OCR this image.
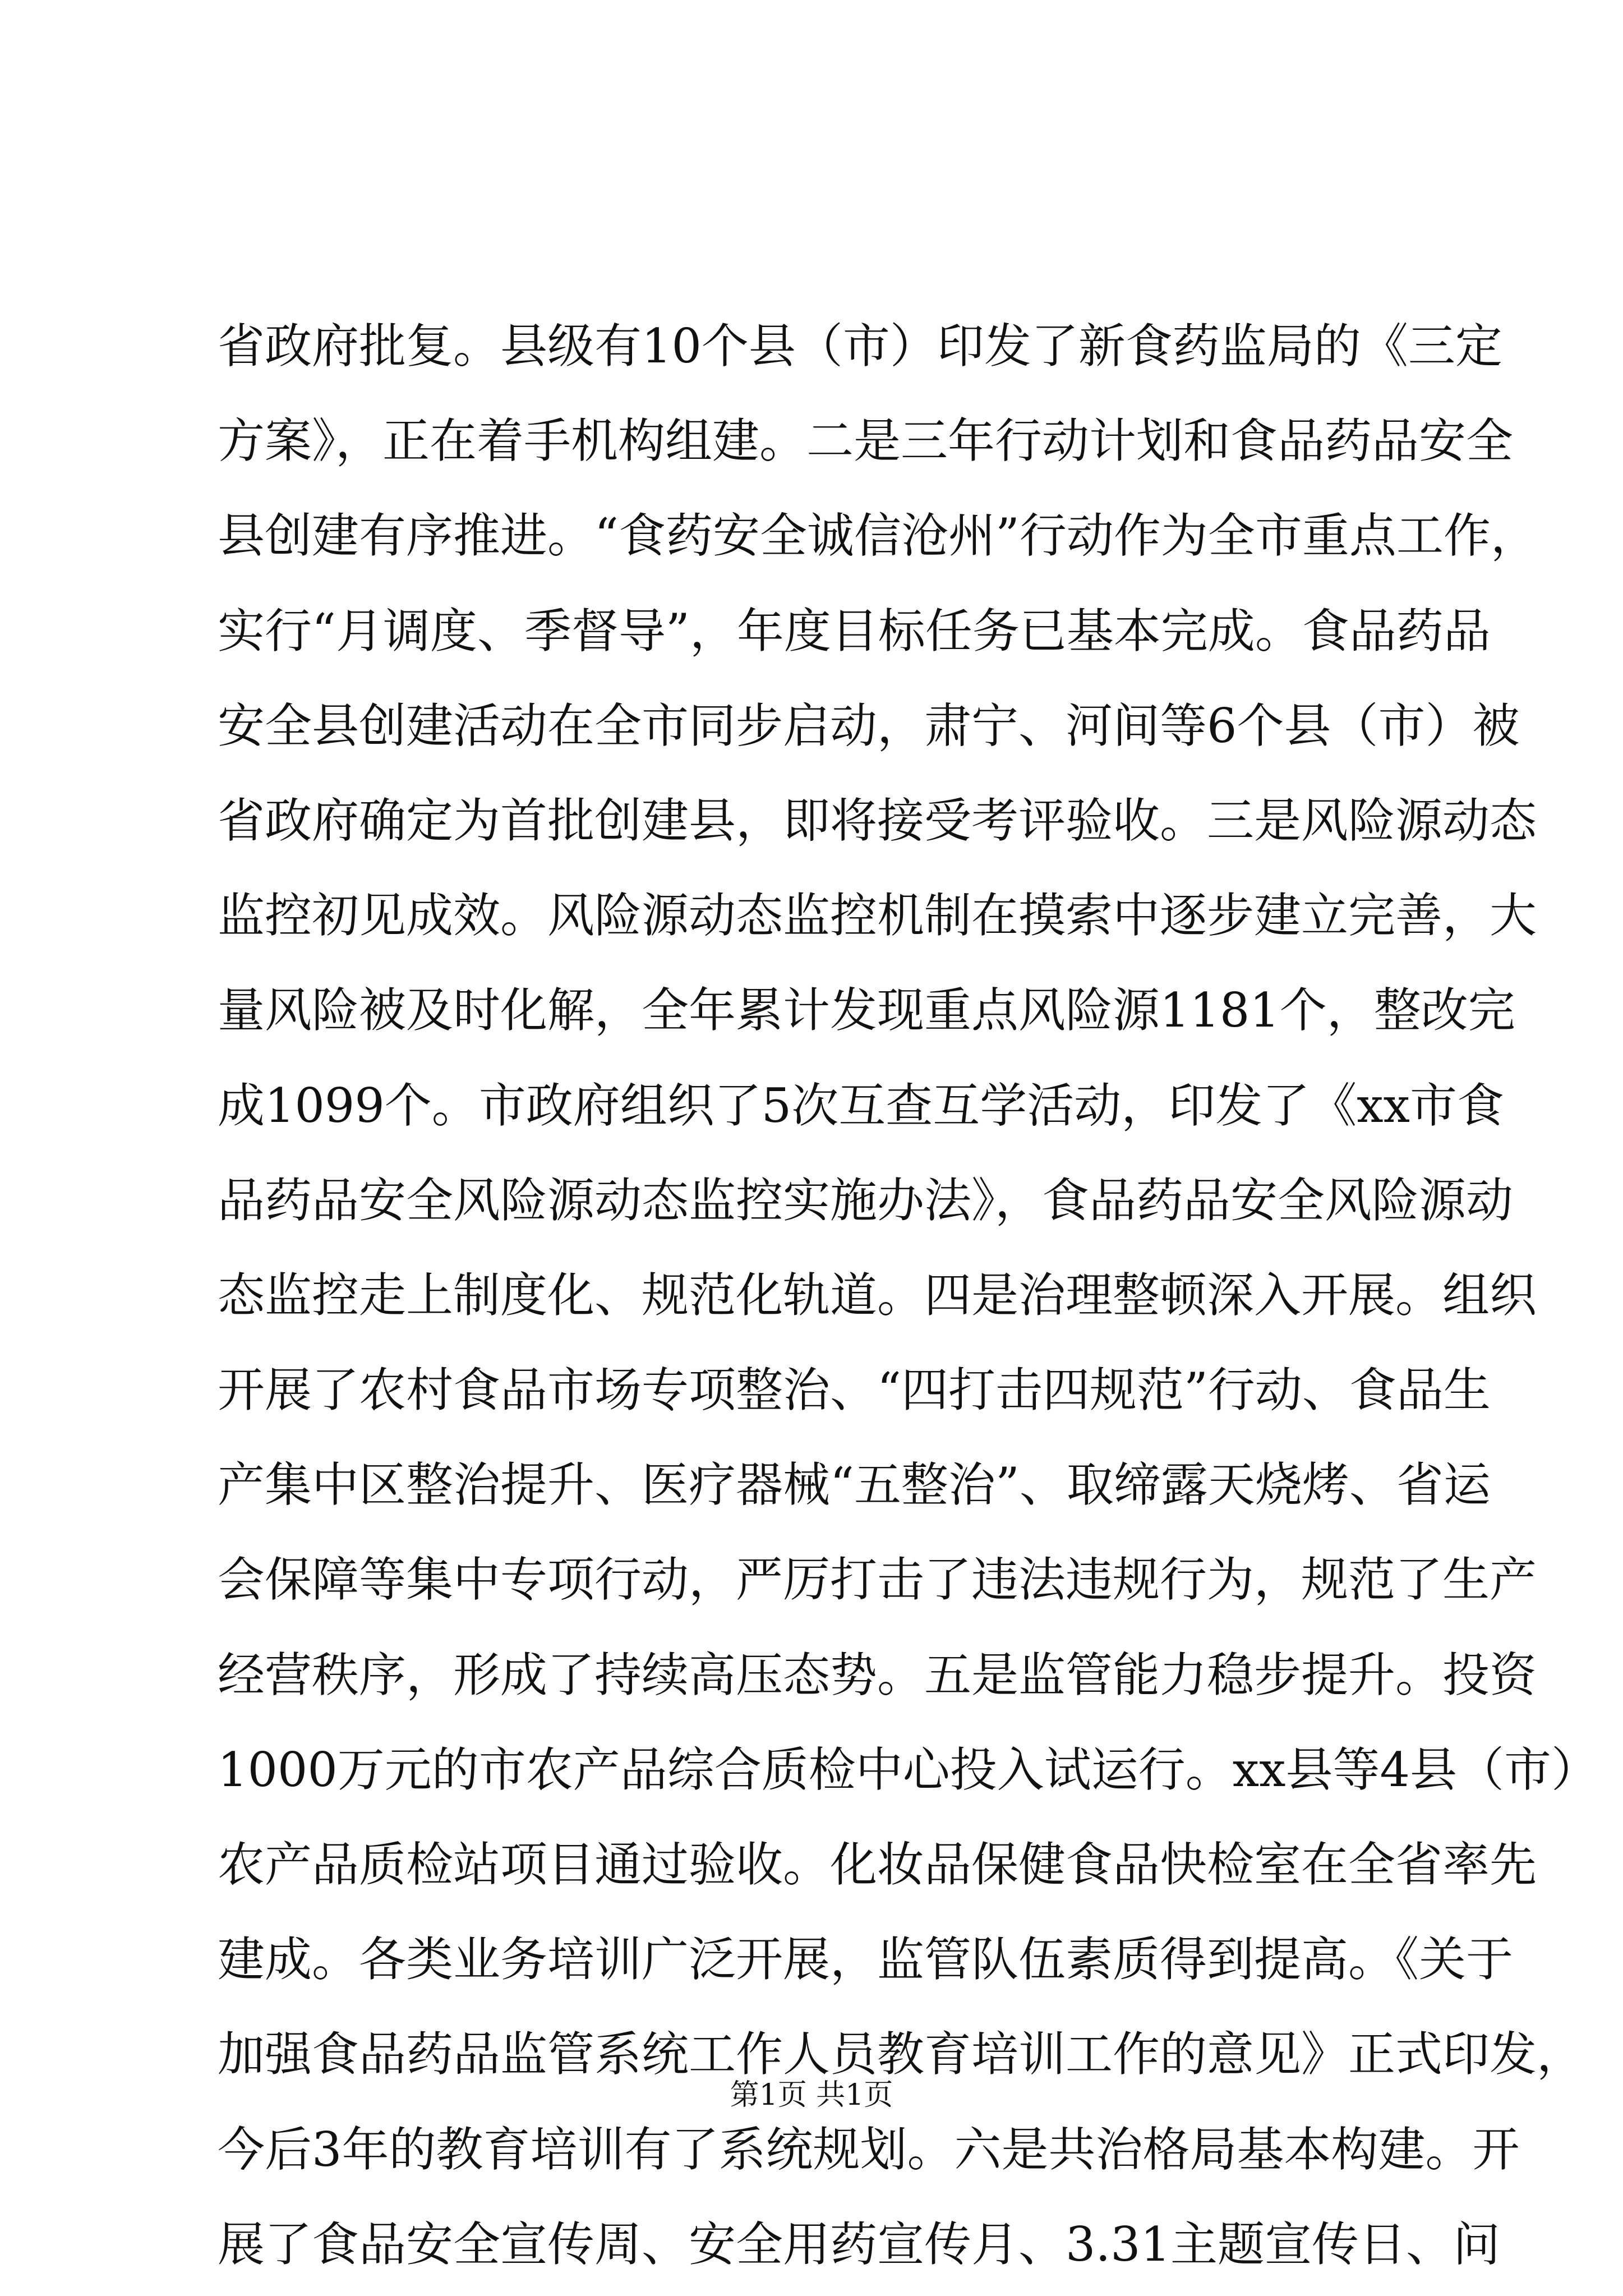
省政府批复。县级有10个县（市）印发了新食药监局的《三定
方案》，正在着手机构组建。二是三年行动计划和食品药品安全
县创建有序推进。“食药安全诚信沧州”行动作为全市重点工作，
实行“月调度、季督导”，年度目标任务已基本完成。食品药品
安全县创建活动在全市同步启动，肃宁、河间等6个县（市）被
省政府确定为首批创建县，即将接受考评验收。三是风险源动态
监控初见成效。风险源动态监控机制在摸索中逐步建立完善，大
量风险被及时化解，全年累计发现重点风险源1181个，整改完
成1099个。市政府组织了5次互查互学活动，印发了《xx市食
品药品安全风险源动态监控实施办法》，食品药品安全风险源动
态监控走上制度化、规范化轨道。四是治理整顿深入开展。组织
开展了农村食品市场专项整治、“四打击四规范”行动、食品生
产集中区整治提升、医疗器械“五整治”、取缔露天烧烤、省运
会保障等集中专项行动，严厉打击了违法违规行为，规范了生产
经营秩序，形成了持续高压态势。五是监管能力稳步提升。投资
1000万元的市农产品综合质检中心投入试运行。xx县等4县（市）
农产品质检站项目通过验收。化妆品保健食品快检室在全省率先
建成。各类业务培训广泛开展，监管队伍素质得到提高。《关于
加强食品药品监管系统工作人员教育培训工作的意见》正式印发，
今后3年的教育培训有了系统规划。六是共治格局基本构建。开
展了食品安全宣传周、安全用药宣传月、3.31主题宣传日、问
第1页 共1页
